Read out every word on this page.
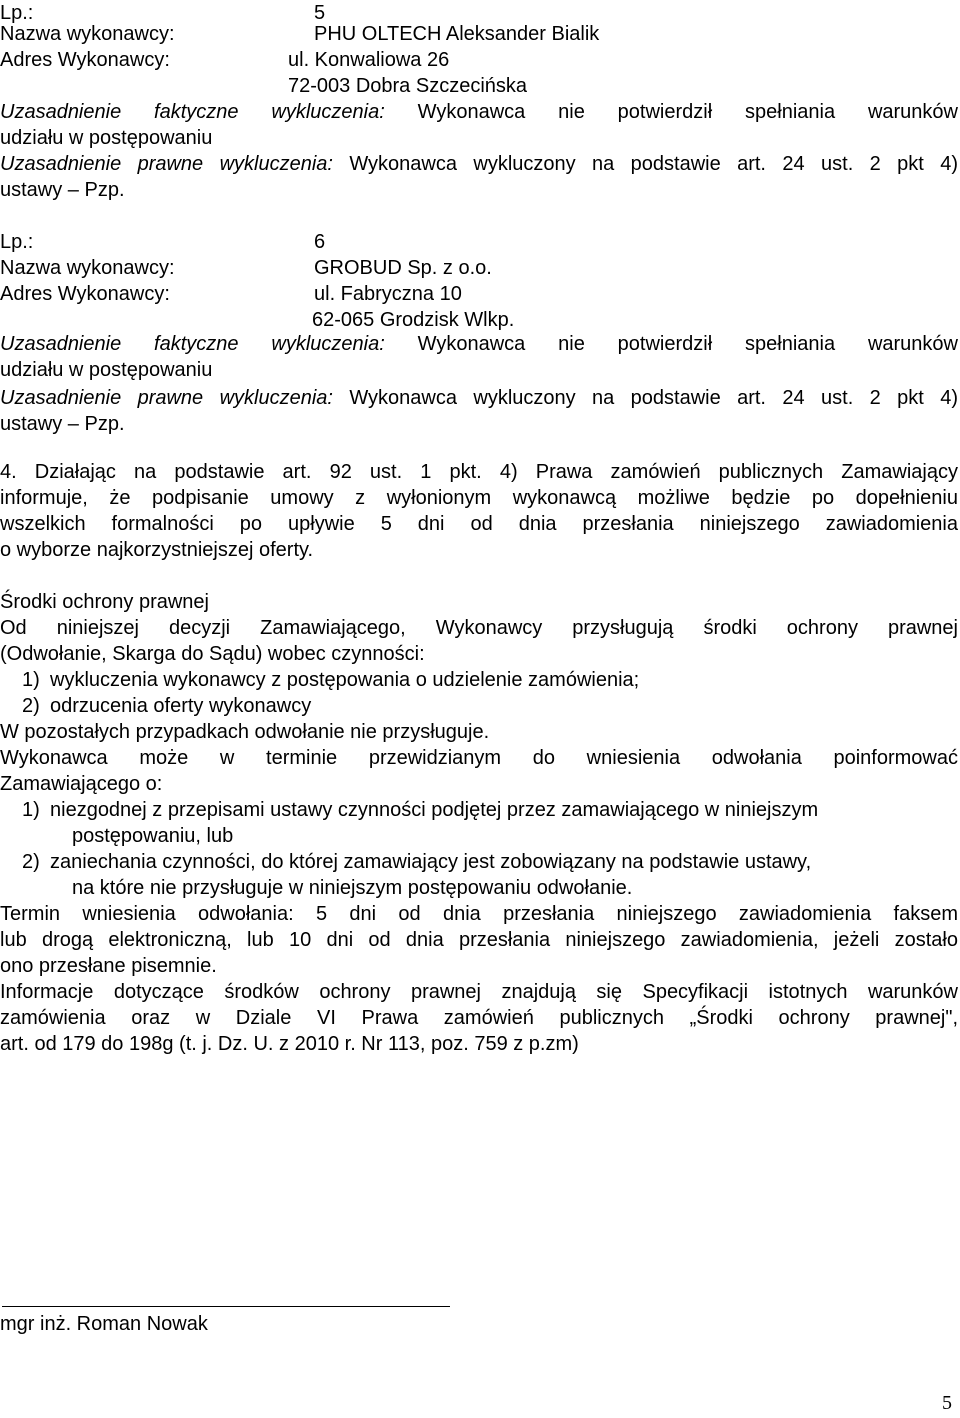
Lp.:	5
Nazwa wykonawcy:	PHU OLTECH Aleksander Bialik
Adres Wykonawcy:	ul. Konwaliowa 26
72-003 Dobra Szczecińska
Uzasadnienie faktyczne wykluczenia: Wykonawca nie potwierdził spełniania warunków
udziału w postępowaniu
Uzasadnienie prawne wykluczenia: Wykonawca wykluczony na podstawie art. 24 ust. 2 pkt 4)
ustawy – Pzp.
Lp.:	6
Nazwa wykonawcy:	GROBUD Sp. z o.o.
Adres Wykonawcy:	ul. Fabryczna 10
62-065 Grodzisk Wlkp.
Uzasadnienie faktyczne wykluczenia: Wykonawca nie potwierdził spełniania warunków
udziału w postępowaniu
Uzasadnienie prawne wykluczenia: Wykonawca wykluczony na podstawie art. 24 ust. 2 pkt 4)
ustawy – Pzp.
4. Działając na podstawie art. 92 ust. 1 pkt. 4) Prawa zamówień publicznych Zamawiający
informuje, że podpisanie umowy z wyłonionym wykonawcą możliwe będzie po dopełnieniu
wszelkich formalności po upływie 5 dni od dnia przesłania niniejszego zawiadomienia
o wyborze najkorzystniejszej oferty.
Środki ochrony prawnej
Od niniejszej decyzji Zamawiającego, Wykonawcy przysługują środki ochrony prawnej
(Odwołanie, Skarga do Sądu) wobec czynności:
1) wykluczenia wykonawcy z postępowania o udzielenie zamówienia;
2) odrzucenia oferty wykonawcy
W pozostałych przypadkach odwołanie nie przysługuje.
Wykonawca może w terminie przewidzianym do wniesienia odwołania poinformować
Zamawiającego o:
1) niezgodnej z przepisami ustawy czynności podjętej przez zamawiającego w niniejszym
postępowaniu, lub
2) zaniechania czynności, do której zamawiający jest zobowiązany na podstawie ustawy,
na które nie przysługuje w niniejszym postępowaniu odwołanie.
Termin wniesienia odwołania: 5 dni od dnia przesłania niniejszego zawiadomienia faksem
lub drogą elektroniczną, lub 10 dni od dnia przesłania niniejszego zawiadomienia, jeżeli zostało
ono przesłane pisemnie.
Informacje dotyczące środków ochrony prawnej znajdują się Specyfikacji istotnych warunków
zamówienia oraz w Dziale VI Prawa zamówień publicznych „Środki ochrony prawnej",
art. od 179 do 198g (t. j. Dz. U. z 2010 r. Nr 113, poz. 759 z p.zm)
mgr inż. Roman Nowak
5
